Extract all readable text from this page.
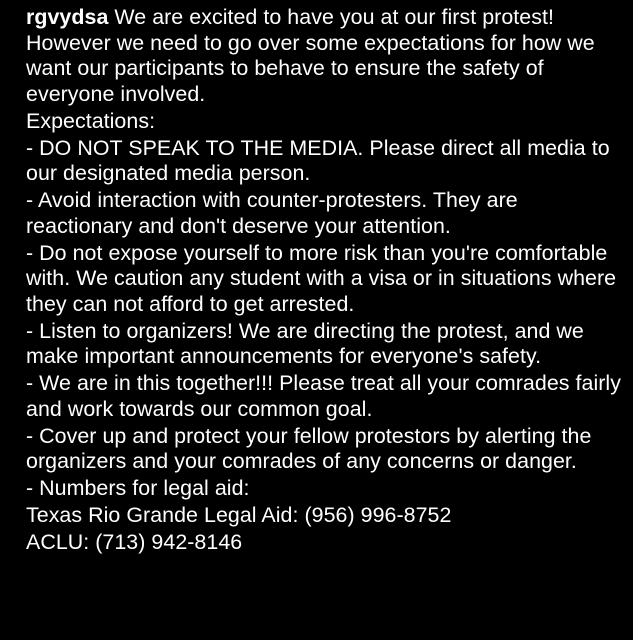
rgvydsa We are excited to have you at our first protest! However we need to go over some expectations for how we want our participants to behave to ensure the safety of everyone involved.

Expectations:

- DO NOT SPEAK TO THE MEDIA. Please direct all media to our designated media person.

- Avoid interaction with counter-protesters. They are reactionary and don't deserve your attention.

- Do not expose yourself to more risk than you're comfortable with. We caution any student with a visa or in situations where they can not afford to get arrested.

- Listen to organizers! We are directing the protest, and we make important announcements for everyone's safety.

- We are in this together!!! Please treat all your comrades fairly and work towards our common goal.

- Cover up and protect your fellow protestors by alerting the organizers and your comrades of any concerns or danger.

- Numbers for legal aid:

Texas Rio Grande Legal Aid: (956) 996-8752

ACLU: (713) 942-8146
